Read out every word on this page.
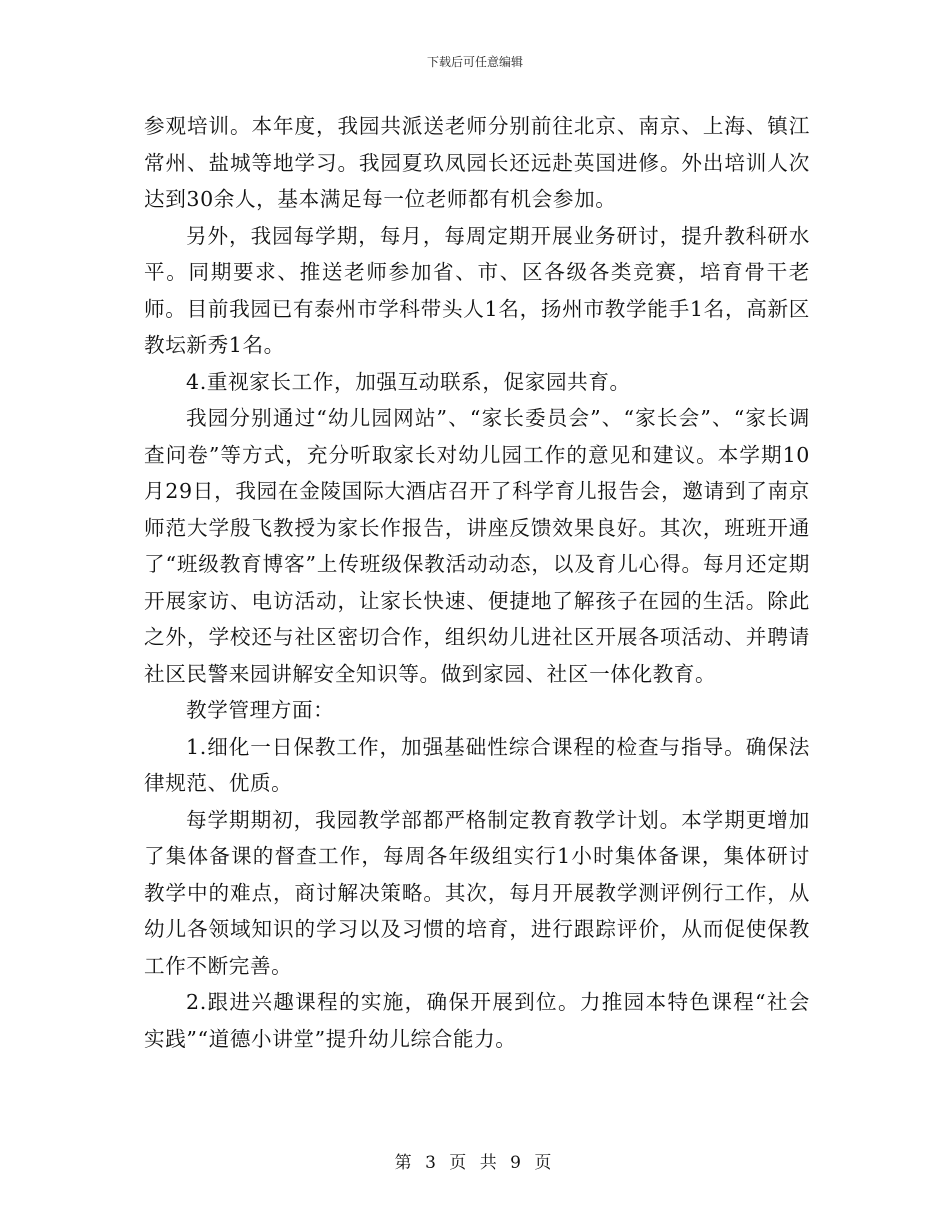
下载后可任意编辑

参观培训。本年度，我园共派送老师分别前往北京、南京、上海、镇江常州、盐城等地学习。我园夏玖凤园长还远赴英国进修。外出培训人次达到30余人，基本满足每一位老师都有机会参加。

另外，我园每学期，每月，每周定期开展业务研讨，提升教科研水平。同期要求、推送老师参加省、市、区各级各类竞赛，培育骨干老师。目前我园已有泰州市学科带头人1名，扬州市教学能手1名，高新区教坛新秀1名。

4.重视家长工作，加强互动联系，促家园共育。

我园分别通过“幼儿园网站”、“家长委员会”、“家长会”、“家长调查问卷”等方式，充分听取家长对幼儿园工作的意见和建议。本学期10月29日，我园在金陵国际大酒店召开了科学育儿报告会，邀请到了南京师范大学殷飞教授为家长作报告，讲座反馈效果良好。其次，班班开通了“班级教育博客”上传班级保教活动动态，以及育儿心得。每月还定期开展家访、电访活动，让家长快速、便捷地了解孩子在园的生活。除此之外，学校还与社区密切合作，组织幼儿进社区开展各项活动、并聘请社区民警来园讲解安全知识等。做到家园、社区一体化教育。

教学管理方面：

1.细化一日保教工作，加强基础性综合课程的检查与指导。确保法律规范、优质。

每学期期初，我园教学部都严格制定教育教学计划。本学期更增加了集体备课的督查工作，每周各年级组实行1小时集体备课，集体研讨教学中的难点，商讨解决策略。其次，每月开展教学测评例行工作，从幼儿各领域知识的学习以及习惯的培育，进行跟踪评价，从而促使保教工作不断完善。

2.跟进兴趣课程的实施，确保开展到位。力推园本特色课程“社会实践”“道德小讲堂”提升幼儿综合能力。

第 3 页 共 9 页
